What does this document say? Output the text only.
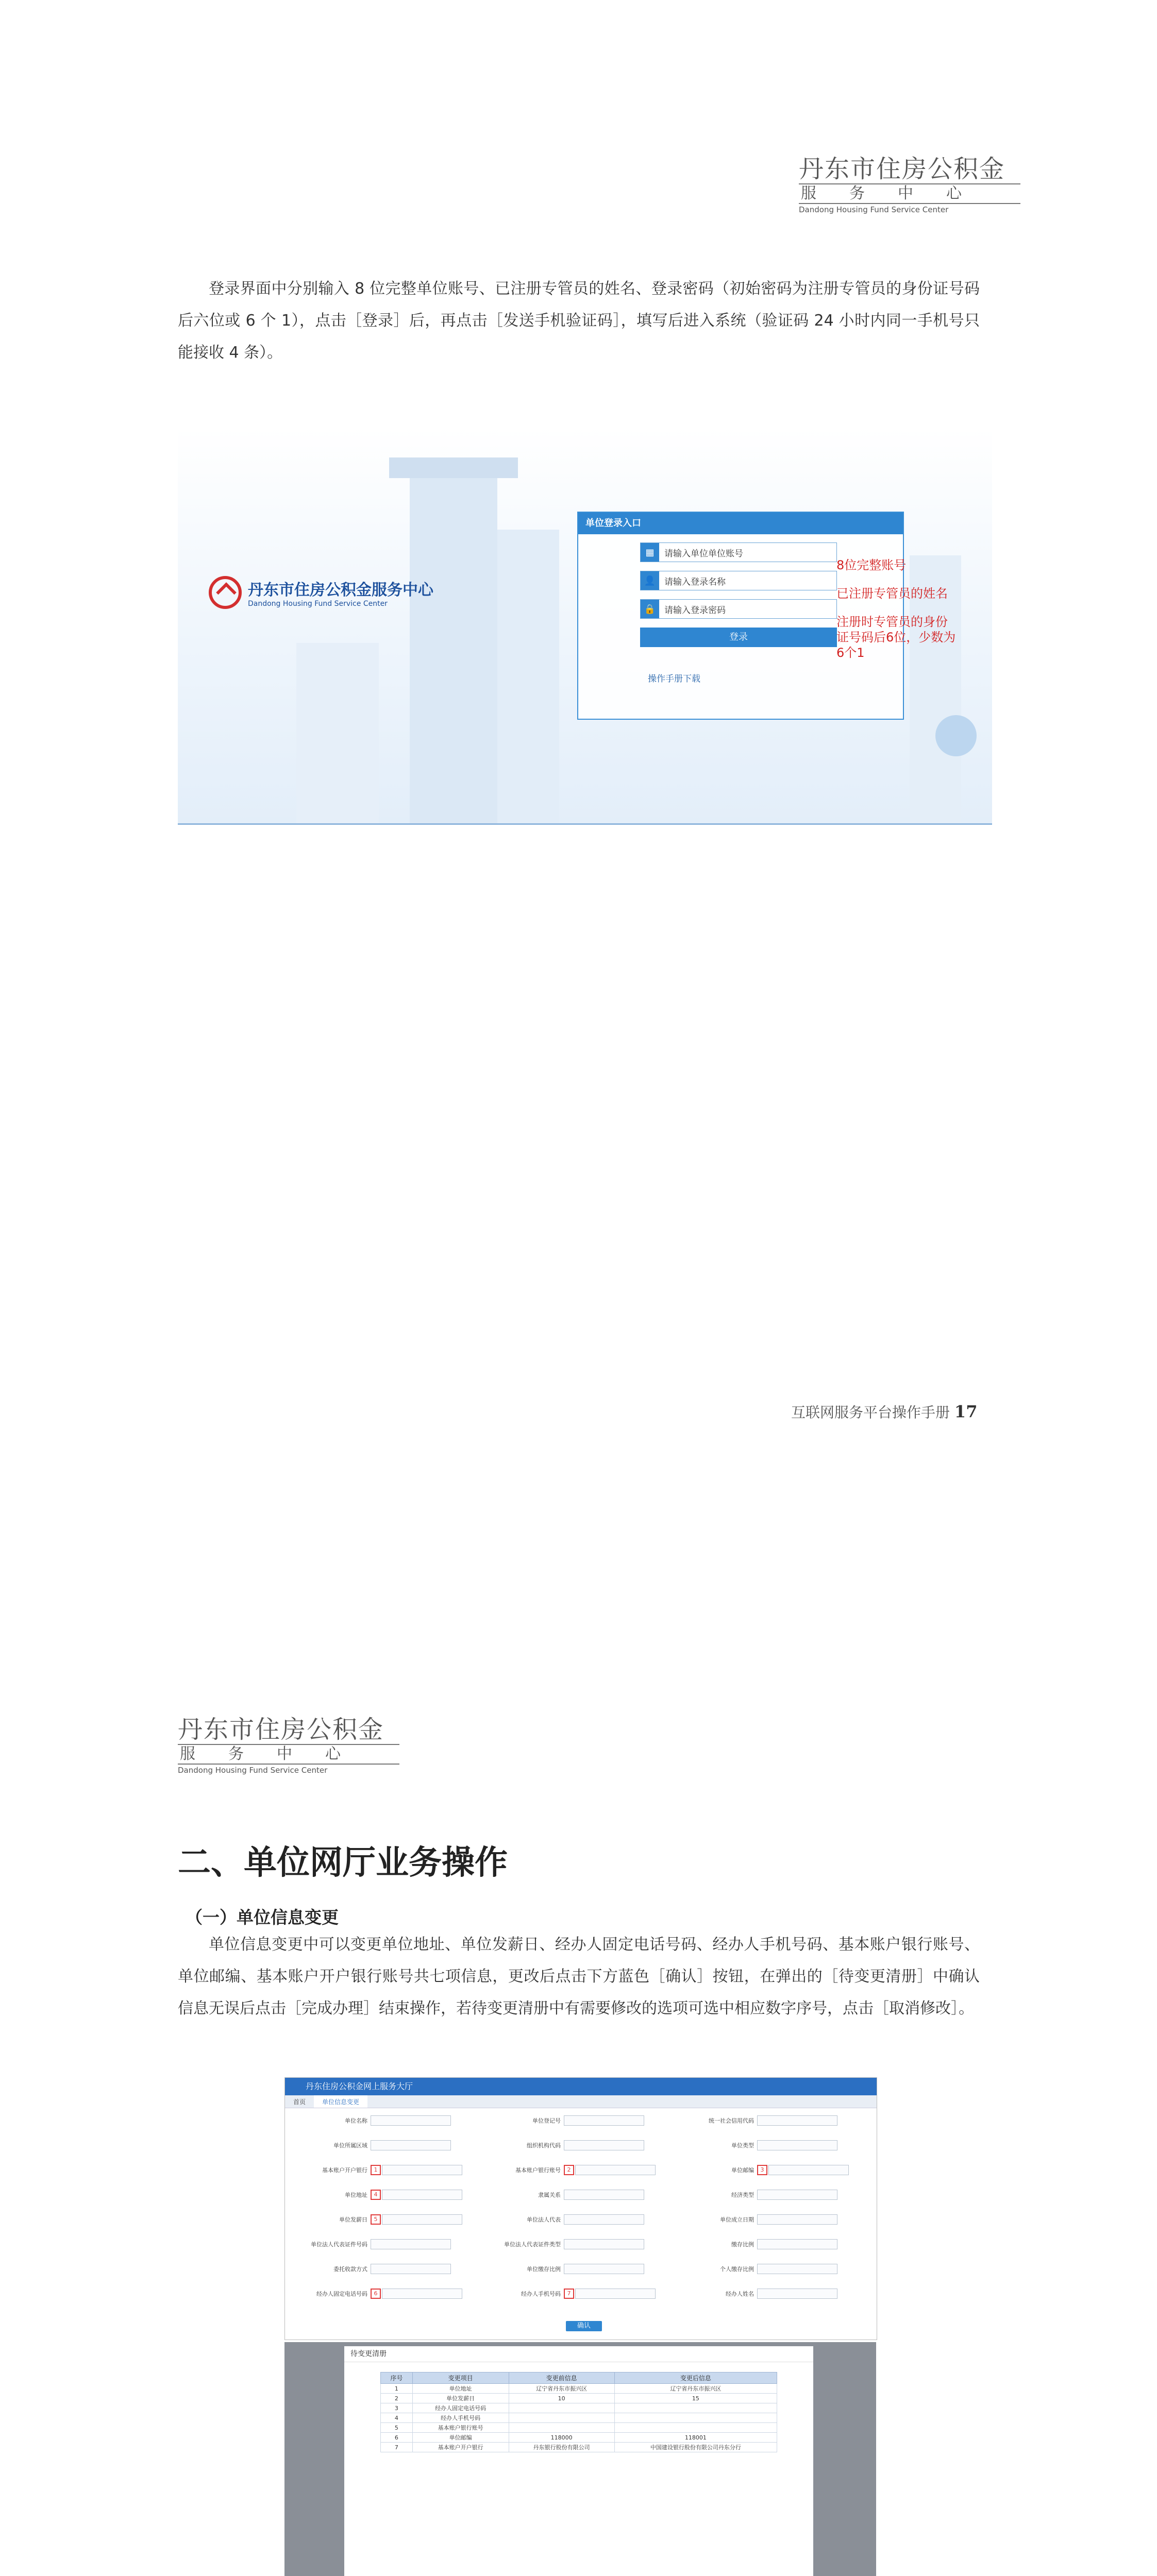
丹东市住房公积金
服务中心
Dandong Housing Fund Service Center
登录界面中分别输入 8 位完整单位账号、已注册专管员的姓名、登录密码（初始密码为注册专管员的身份证号码后六位或 6 个 1），点击［登录］后，再点击［发送手机验证码］，填写后进入系统（验证码 24 小时内同一手机号只能接收 4 条）。
丹东市住房公积金服务中心
Dandong Housing Fund Service Center
单位登录入口
▦	请输入单位单位账号
👤 请输入登录名称
🔒 请输入登录密码
登录
操作手册下载
8位完整账号
已注册专管员的姓名
注册时专管员的身份证号码后6位，少数为6个1
互联网服务平台操作手册 17
丹东市住房公积金
服务中心
Dandong Housing Fund Service Center
二、单位网厅业务操作
（一）单位信息变更
单位信息变更中可以变更单位地址、单位发薪日、经办人固定电话号码、经办人手机号码、基本账户银行账号、单位邮编、基本账户开户银行账号共七项信息，更改后点击下方蓝色［确认］按钮，在弹出的［待变更清册］中确认信息无误后点击［完成办理］结束操作，若待变更清册中有需要修改的选项可选中相应数字序号，点击［取消修改］。
丹东住房公积金网上服务大厅
首页	单位信息变更
单位名称	单位登记号	统一社会信用代码
单位所属区域	组织机构代码	单位类型
基本账户开户银行	1	基本账户银行账号	2	单位邮编	3
单位地址	4	隶属关系	经济类型
单位发薪日	5	单位法人代表	单位成立日期
单位法人代表证件号码	单位法人代表证件类型	缴存比例
委托收款方式	单位缴存比例	个人缴存比例
经办人固定电话号码	6	经办人手机号码	7	经办人姓名
确认
待变更清册
序号	变更项目	变更前信息	变更后信息
1	单位地址	辽宁省丹东市振兴区	辽宁省丹东市振兴区
2	单位发薪日	10	15
3	经办人固定电话号码		
4	经办人手机号码		
5	基本账户银行账号		
6	单位邮编	118000	118001
7	基本账户开户银行	丹东银行股份有限公司	中国建设银行股份有限公司丹东分行
